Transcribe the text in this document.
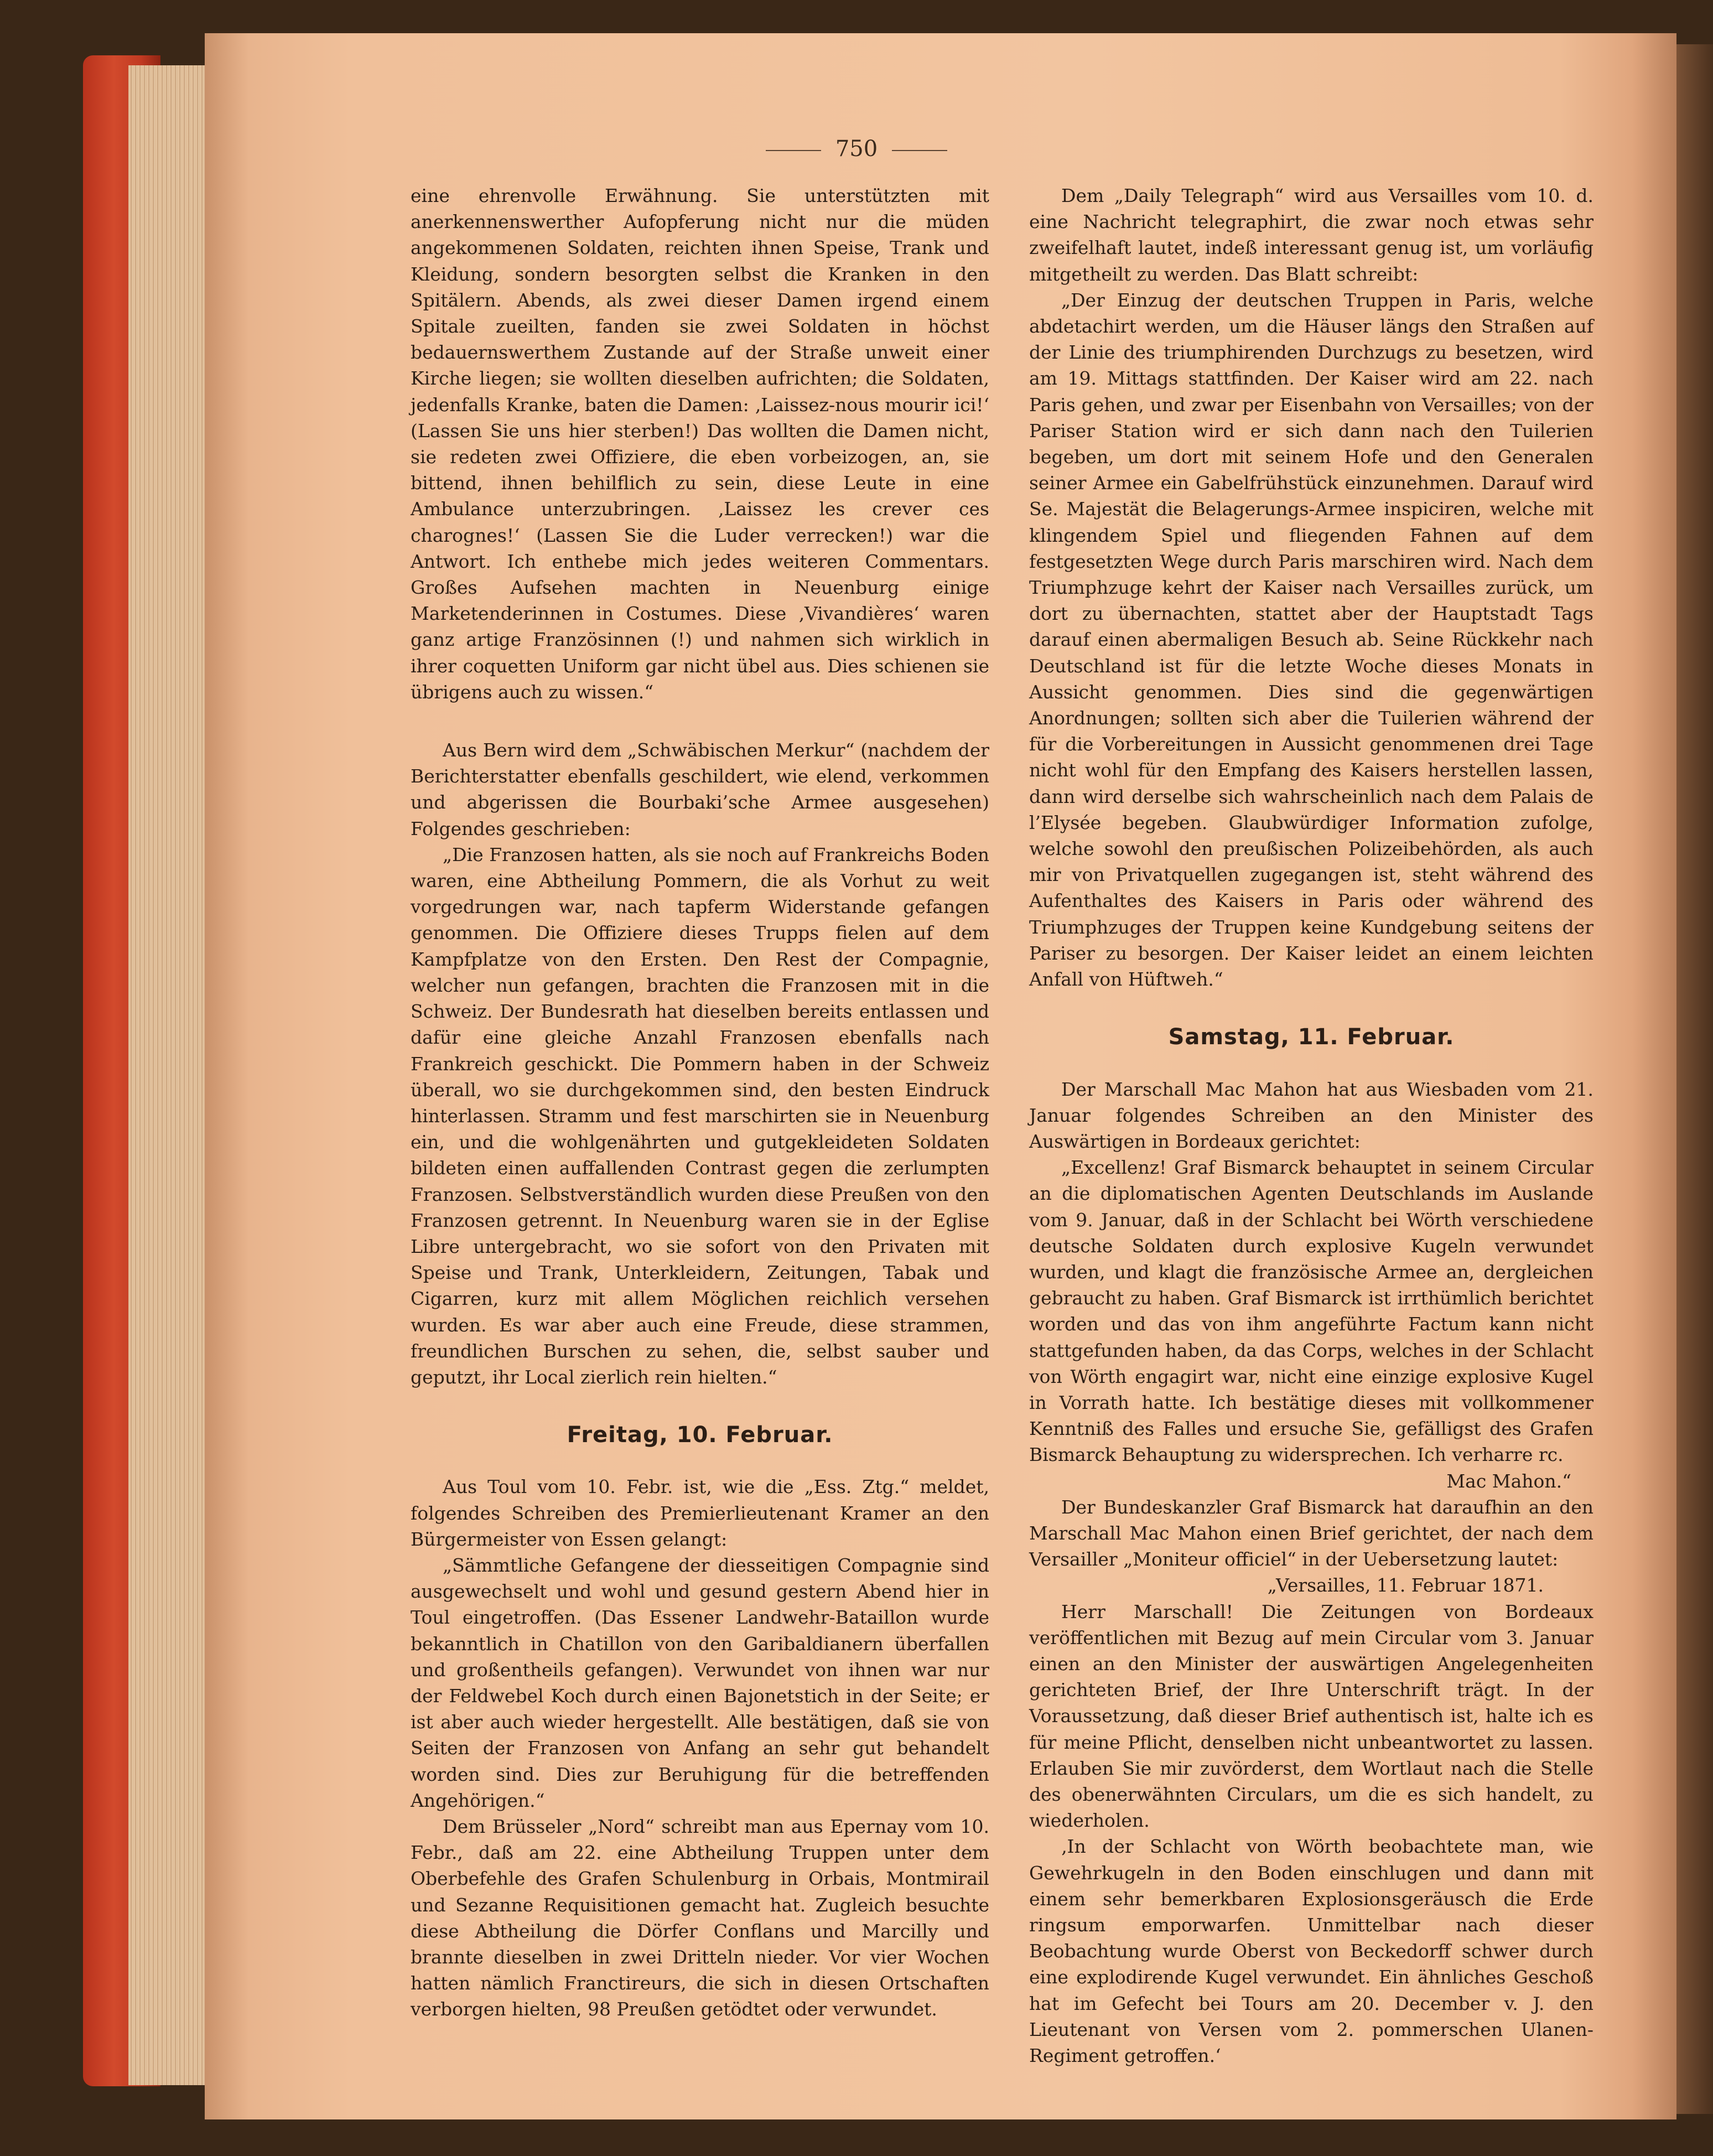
750

eine ehrenvolle Erwähnung. Sie unterstützten mit anerkennenswerther Aufopferung nicht nur die müden angekommenen Soldaten, reichten ihnen Speise, Trank und Kleidung, sondern besorgten selbst die Kranken in den Spitälern. Abends, als zwei dieser Damen irgend einem Spitale zueilten, fanden sie zwei Soldaten in höchst bedauernswerthem Zustande auf der Straße unweit einer Kirche liegen; sie wollten dieselben aufrichten; die Soldaten, jedenfalls Kranke, baten die Damen: ‚Laissez-nous mourir ici!‘ (Lassen Sie uns hier sterben!) Das wollten die Damen nicht, sie redeten zwei Offiziere, die eben vorbeizogen, an, sie bittend, ihnen behilflich zu sein, diese Leute in eine Ambulance unterzubringen. ‚Laissez les crever ces charognes!‘ (Lassen Sie die Luder verrecken!) war die Antwort. Ich enthebe mich jedes weiteren Commentars. Großes Aufsehen machten in Neuenburg einige Marketenderinnen in Costumes. Diese ‚Vivandières‘ waren ganz artige Französinnen (!) und nahmen sich wirklich in ihrer coquetten Uniform gar nicht übel aus. Dies schienen sie übrigens auch zu wissen.“

Aus Bern wird dem „Schwäbischen Merkur“ (nachdem der Berichterstatter ebenfalls geschildert, wie elend, verkommen und abgerissen die Bourbaki’sche Armee ausgesehen) Folgendes geschrieben:

„Die Franzosen hatten, als sie noch auf Frankreichs Boden waren, eine Abtheilung Pommern, die als Vorhut zu weit vorgedrungen war, nach tapferm Widerstande gefangen genommen. Die Offiziere dieses Trupps fielen auf dem Kampfplatze von den Ersten. Den Rest der Compagnie, welcher nun gefangen, brachten die Franzosen mit in die Schweiz. Der Bundesrath hat dieselben bereits entlassen und dafür eine gleiche Anzahl Franzosen ebenfalls nach Frankreich geschickt. Die Pommern haben in der Schweiz überall, wo sie durchgekommen sind, den besten Eindruck hinterlassen. Stramm und fest marschirten sie in Neuenburg ein, und die wohlgenährten und gutgekleideten Soldaten bildeten einen auffallenden Contrast gegen die zerlumpten Franzosen. Selbstverständlich wurden diese Preußen von den Franzosen getrennt. In Neuenburg waren sie in der Eglise Libre untergebracht, wo sie sofort von den Privaten mit Speise und Trank, Unterkleidern, Zeitungen, Tabak und Cigarren, kurz mit allem Möglichen reichlich versehen wurden. Es war aber auch eine Freude, diese strammen, freundlichen Burschen zu sehen, die, selbst sauber und geputzt, ihr Local zierlich rein hielten.“

Freitag, 10. Februar.

Aus Toul vom 10. Febr. ist, wie die „Ess. Ztg.“ meldet, folgendes Schreiben des Premierlieutenant Kramer an den Bürgermeister von Essen gelangt:

„Sämmtliche Gefangene der diesseitigen Compagnie sind ausgewechselt und wohl und gesund gestern Abend hier in Toul eingetroffen. (Das Essener Landwehr-Bataillon wurde bekanntlich in Chatillon von den Garibaldianern überfallen und großentheils gefangen). Verwundet von ihnen war nur der Feldwebel Koch durch einen Bajonetstich in der Seite; er ist aber auch wieder hergestellt. Alle bestätigen, daß sie von Seiten der Franzosen von Anfang an sehr gut behandelt worden sind. Dies zur Beruhigung für die betreffenden Angehörigen.“

Dem Brüsseler „Nord“ schreibt man aus Epernay vom 10. Febr., daß am 22. eine Abtheilung Truppen unter dem Oberbefehle des Grafen Schulenburg in Orbais, Montmirail und Sezanne Requisitionen gemacht hat. Zugleich besuchte diese Abtheilung die Dörfer Conflans und Marcilly und brannte dieselben in zwei Dritteln nieder. Vor vier Wochen hatten nämlich Franctireurs, die sich in diesen Ortschaften verborgen hielten, 98 Preußen getödtet oder verwundet.

Dem „Daily Telegraph“ wird aus Versailles vom 10. d. eine Nachricht telegraphirt, die zwar noch etwas sehr zweifelhaft lautet, indeß interessant genug ist, um vorläufig mitgetheilt zu werden. Das Blatt schreibt:

„Der Einzug der deutschen Truppen in Paris, welche abdetachirt werden, um die Häuser längs den Straßen auf der Linie des triumphirenden Durchzugs zu besetzen, wird am 19. Mittags stattfinden. Der Kaiser wird am 22. nach Paris gehen, und zwar per Eisenbahn von Versailles; von der Pariser Station wird er sich dann nach den Tuilerien begeben, um dort mit seinem Hofe und den Generalen seiner Armee ein Gabelfrühstück einzunehmen. Darauf wird Se. Majestät die Belagerungs-Armee inspiciren, welche mit klingendem Spiel und fliegenden Fahnen auf dem festgesetzten Wege durch Paris marschiren wird. Nach dem Triumphzuge kehrt der Kaiser nach Versailles zurück, um dort zu übernachten, stattet aber der Hauptstadt Tags darauf einen abermaligen Besuch ab. Seine Rückkehr nach Deutschland ist für die letzte Woche dieses Monats in Aussicht genommen. Dies sind die gegenwärtigen Anordnungen; sollten sich aber die Tuilerien während der für die Vorbereitungen in Aussicht genommenen drei Tage nicht wohl für den Empfang des Kaisers herstellen lassen, dann wird derselbe sich wahrscheinlich nach dem Palais de l’Elysée begeben. Glaubwürdiger Information zufolge, welche sowohl den preußischen Polizeibehörden, als auch mir von Privatquellen zugegangen ist, steht während des Aufenthaltes des Kaisers in Paris oder während des Triumphzuges der Truppen keine Kundgebung seitens der Pariser zu besorgen. Der Kaiser leidet an einem leichten Anfall von Hüftweh.“

Samstag, 11. Februar.

Der Marschall Mac Mahon hat aus Wiesbaden vom 21. Januar folgendes Schreiben an den Minister des Auswärtigen in Bordeaux gerichtet:

„Excellenz! Graf Bismarck behauptet in seinem Circular an die diplomatischen Agenten Deutschlands im Auslande vom 9. Januar, daß in der Schlacht bei Wörth verschiedene deutsche Soldaten durch explosive Kugeln verwundet wurden, und klagt die französische Armee an, dergleichen gebraucht zu haben. Graf Bismarck ist irrthümlich berichtet worden und das von ihm angeführte Factum kann nicht stattgefunden haben, da das Corps, welches in der Schlacht von Wörth engagirt war, nicht eine einzige explosive Kugel in Vorrath hatte. Ich bestätige dieses mit vollkommener Kenntniß des Falles und ersuche Sie, gefälligst des Grafen Bismarck Behauptung zu widersprechen. Ich verharre rc.

Mac Mahon.“

Der Bundeskanzler Graf Bismarck hat daraufhin an den Marschall Mac Mahon einen Brief gerichtet, der nach dem Versailler „Moniteur officiel“ in der Uebersetzung lautet:

„Versailles, 11. Februar 1871.

Herr Marschall! Die Zeitungen von Bordeaux veröffentlichen mit Bezug auf mein Circular vom 3. Januar einen an den Minister der auswärtigen Angelegenheiten gerichteten Brief, der Ihre Unterschrift trägt. In der Voraussetzung, daß dieser Brief authentisch ist, halte ich es für meine Pflicht, denselben nicht unbeantwortet zu lassen. Erlauben Sie mir zuvörderst, dem Wortlaut nach die Stelle des obenerwähnten Circulars, um die es sich handelt, zu wiederholen.

‚In der Schlacht von Wörth beobachtete man, wie Gewehrkugeln in den Boden einschlugen und dann mit einem sehr bemerkbaren Explosionsgeräusch die Erde ringsum emporwarfen. Unmittelbar nach dieser Beobachtung wurde Oberst von Beckedorff schwer durch eine explodirende Kugel verwundet. Ein ähnliches Geschoß hat im Gefecht bei Tours am 20. December v. J. den Lieutenant von Versen vom 2. pommerschen Ulanen-Regiment getroffen.‘
